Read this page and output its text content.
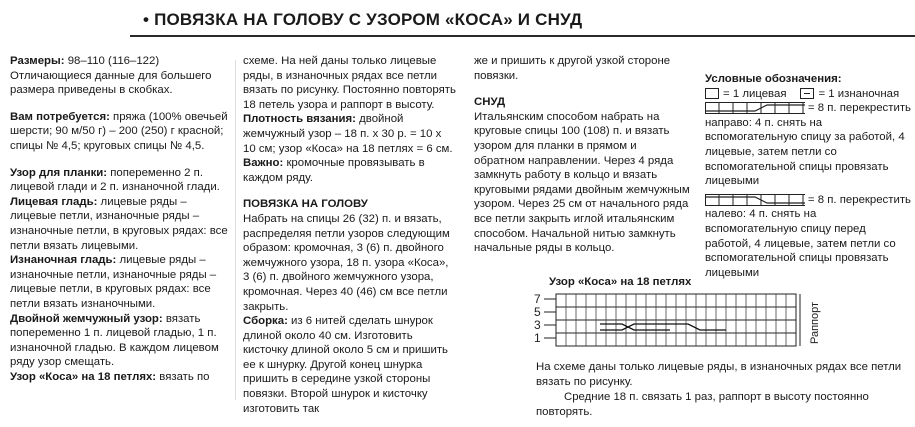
• ПОВЯЗКА НА ГОЛОВУ С УЗОРОМ «КОСА» И СНУД

Размеры: 98–110 (116–122)

Отличающиеся данные для большего размера приведены в скобках.

Вам потребуется: пряжа (100% овечьей шерсти; 90 м/50 г) – 200 (250) г красной; спицы № 4,5; круговых спицы № 4,5.

Узор для планки: попеременно 2 п. лицевой глади и 2 п. изнаночной глади.

Лицевая гладь: лицевые ряды – лицевые петли, изнаночные ряды – изнаночные петли, в круговых рядах: все петли вязать лицевыми.

Изнаночная гладь: лицевые ряды – изнаночные петли, изнаночные ряды – лицевые петли, в круговых рядах: все петли вязать изнаночными.

Двойной жемчужный узор: вязать попеременно 1 п. лицевой гладью, 1 п. изнаночной гладью. В каждом лицевом ряду узор смещать.

Узор «Коса» на 18 петлях: вязать по

схеме. На ней даны только лицевые ряды, в изнаночных рядах все петли вязать по рисунку. Постоянно повторять 18 петель узора и раппорт в высоту.

Плотность вязания: двойной жемчужный узор – 18 п. х 30 р. = 10 х 10 см; узор «Коса» на 18 петлях = 6 см.

Важно: кромочные провязывать в каждом ряду.

ПОВЯЗКА НА ГОЛОВУ

Набрать на спицы 26 (32) п. и вязать, распределяя петли узоров следующим образом: кромочная, 3 (6) п. двойного жемчужного узора, 18 п. узора «Коса», 3 (6) п. двойного жемчужного узора, кромочная. Через 40 (46) см все петли закрыть.

Сборка: из 6 нитей сделать шнурок длиной около 40 см. Изготовить кисточку длиной около 5 см и пришить ее к шнурку. Другой конец шнурка пришить в середине узкой стороны повязки. Второй шнурок и кисточку изготовить так

же и пришить к другой узкой стороне повязки.

СНУД

Итальянским способом набрать на круговые спицы 100 (108) п. и вязать узором для планки в прямом и обратном направлении. Через 4 ряда замкнуть работу в кольцо и вязать круговыми рядами двойным жемчужным узором. Через 25 см от начального ряда все петли закрыть иглой итальянским способом. Начальной нитью замкнуть начальные ряды в кольцо.

Условные обозначения:

= 1 лицевая	= 1 изнаночная
= 8 п. перекрестить

направо: 4 п. снять на вспомогательную спицу за работой, 4 лицевые, затем петли со вспомогательной спицы провязать лицевыми

= 8 п. перекрестить

налево: 4 п. снять на вспомогательную спицу перед работой, 4 лицевые, затем петли со вспомогательной спицы провязать лицевыми

Узор «Коса» на 18 петлях
7
5
3
1	Раппорт

На схеме даны только лицевые ряды, в изнаночных рядах все петли вязать по рисунку.

Средние 18 п. связать 1 раз, раппорт в высоту постоянно повторять.
